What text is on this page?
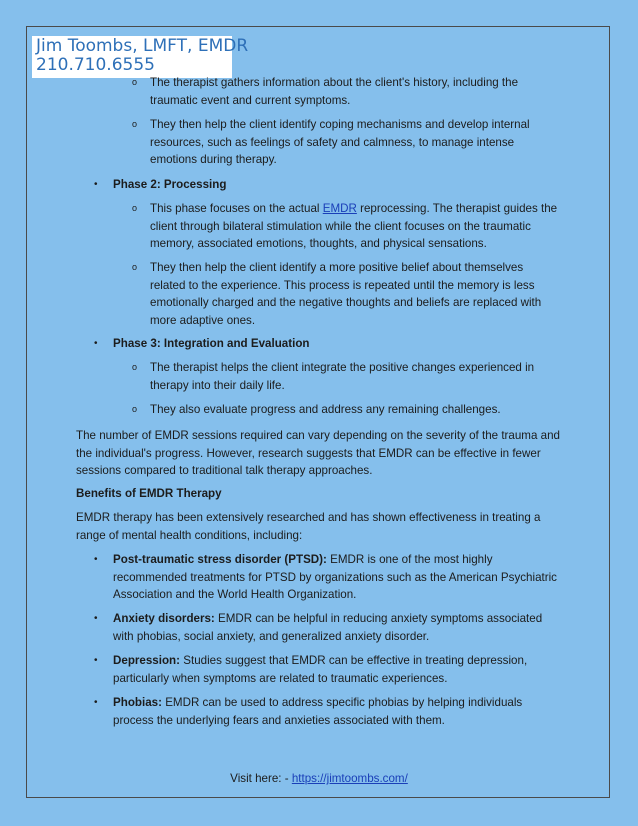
Jim Toombs, LMFT, EMDR
210.710.6555
o The therapist gathers information about the client's history, including the traumatic event and current symptoms.
o They then help the client identify coping mechanisms and develop internal resources, such as feelings of safety and calmness, to manage intense emotions during therapy.
• Phase 2: Processing
o This phase focuses on the actual EMDR reprocessing. The therapist guides the client through bilateral stimulation while the client focuses on the traumatic memory, associated emotions, thoughts, and physical sensations.
o They then help the client identify a more positive belief about themselves related to the experience. This process is repeated until the memory is less emotionally charged and the negative thoughts and beliefs are replaced with more adaptive ones.
• Phase 3: Integration and Evaluation
o The therapist helps the client integrate the positive changes experienced in therapy into their daily life.
o They also evaluate progress and address any remaining challenges.
The number of EMDR sessions required can vary depending on the severity of the trauma and the individual's progress. However, research suggests that EMDR can be effective in fewer sessions compared to traditional talk therapy approaches.
Benefits of EMDR Therapy
EMDR therapy has been extensively researched and has shown effectiveness in treating a range of mental health conditions, including:
• Post-traumatic stress disorder (PTSD): EMDR is one of the most highly recommended treatments for PTSD by organizations such as the American Psychiatric Association and the World Health Organization.
• Anxiety disorders: EMDR can be helpful in reducing anxiety symptoms associated with phobias, social anxiety, and generalized anxiety disorder.
• Depression: Studies suggest that EMDR can be effective in treating depression, particularly when symptoms are related to traumatic experiences.
• Phobias: EMDR can be used to address specific phobias by helping individuals process the underlying fears and anxieties associated with them.
Visit here: - https://jimtoombs.com/
